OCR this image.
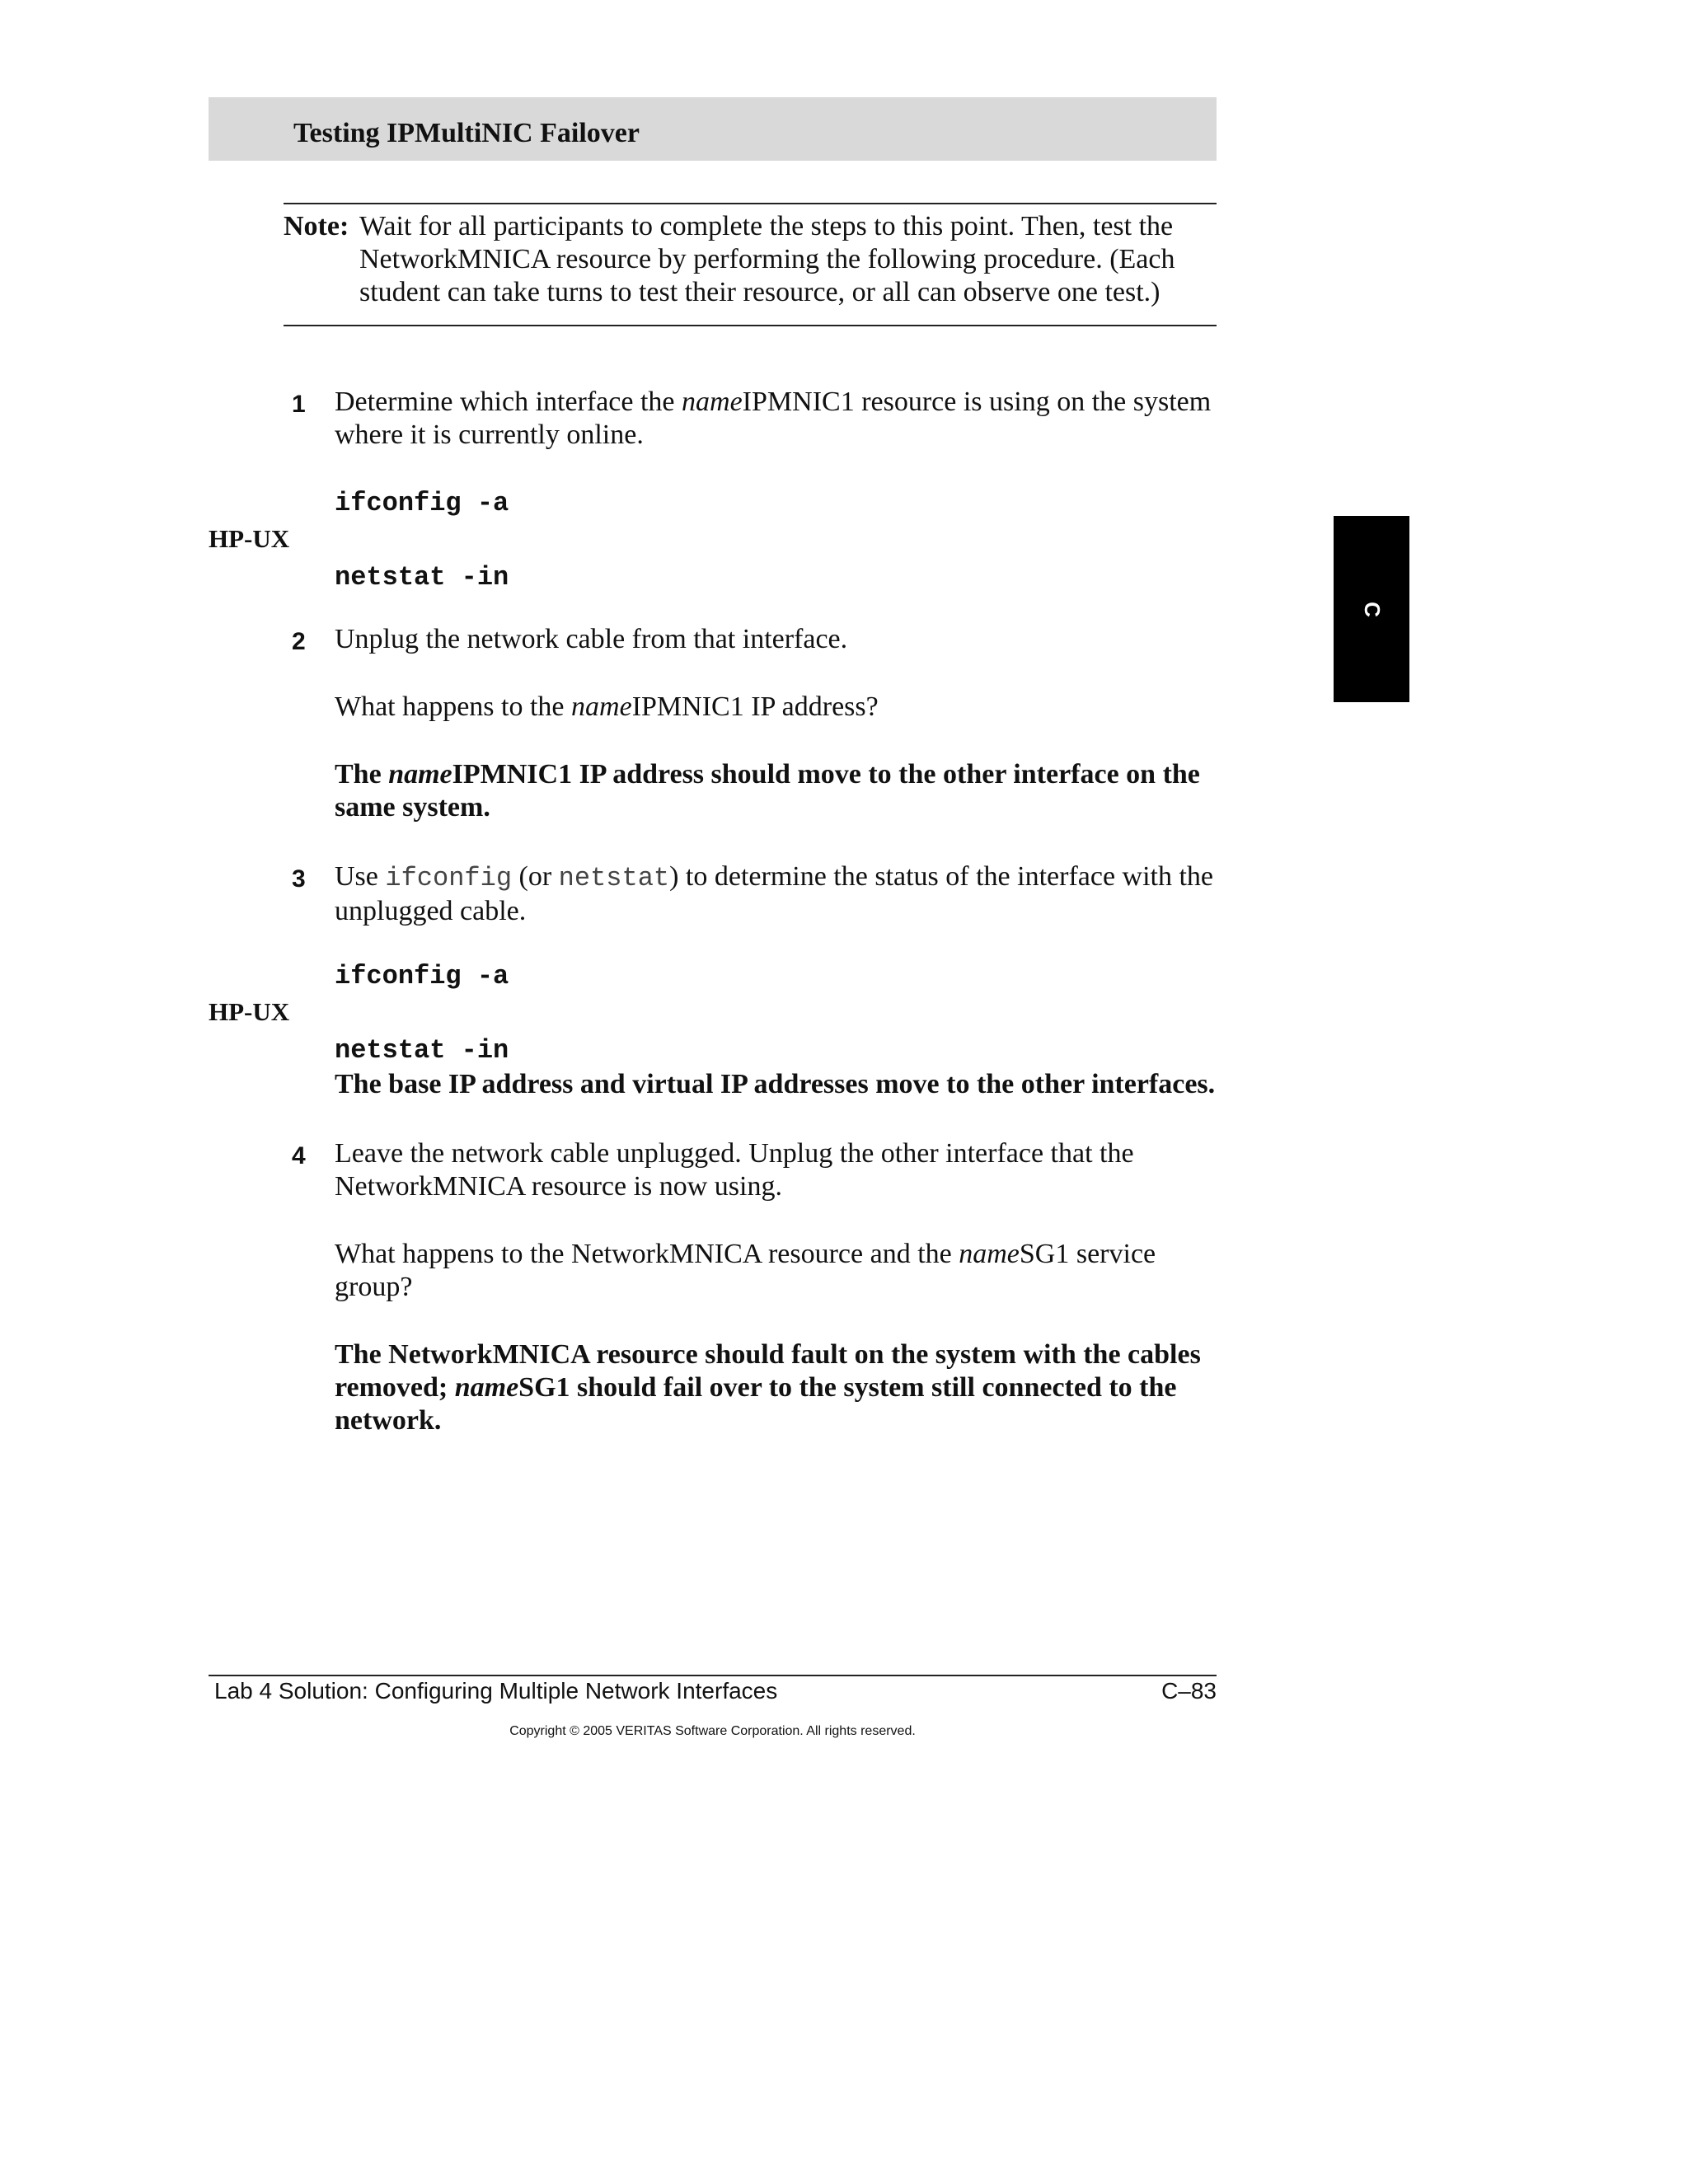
Testing IPMultiNIC Failover
Note: Wait for all participants to complete the steps to this point. Then, test the NetworkMNICA resource by performing the following procedure. (Each student can take turns to test their resource, or all can observe one test.)
C
1 Determine which interface the nameIPMNIC1 resource is using on the system where it is currently online.
ifconfig -a
HP-UX
netstat -in
2 Unplug the network cable from that interface.
What happens to the nameIPMNIC1 IP address?
The nameIPMNIC1 IP address should move to the other interface on the same system.
3 Use ifconfig (or netstat) to determine the status of the interface with the unplugged cable.
ifconfig -a
HP-UX
netstat -in
The base IP address and virtual IP addresses move to the other interfaces.
4 Leave the network cable unplugged. Unplug the other interface that the NetworkMNICA resource is now using.
What happens to the NetworkMNICA resource and the nameSG1 service group?
The NetworkMNICA resource should fault on the system with the cables removed; nameSG1 should fail over to the system still connected to the network.
Lab 4 Solution: Configuring Multiple Network Interfaces	C–83
Copyright © 2005 VERITAS Software Corporation. All rights reserved.
